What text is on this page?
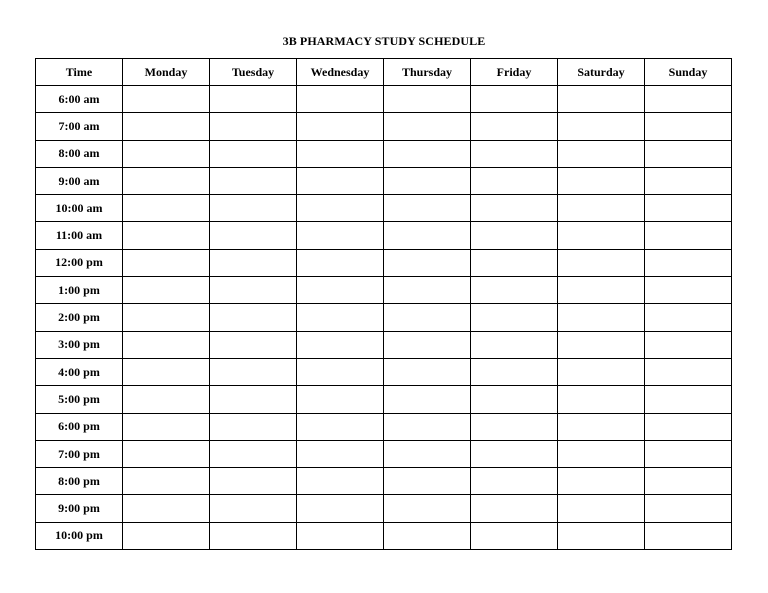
3B PHARMACY STUDY SCHEDULE
Time	Monday	Tuesday	Wednesday	Thursday	Friday	Saturday	Sunday
6:00 am							
7:00 am							
8:00 am							
9:00 am							
10:00 am							
11:00 am							
12:00 pm							
1:00 pm							
2:00 pm							
3:00 pm							
4:00 pm							
5:00 pm							
6:00 pm							
7:00 pm							
8:00 pm							
9:00 pm							
10:00 pm							
